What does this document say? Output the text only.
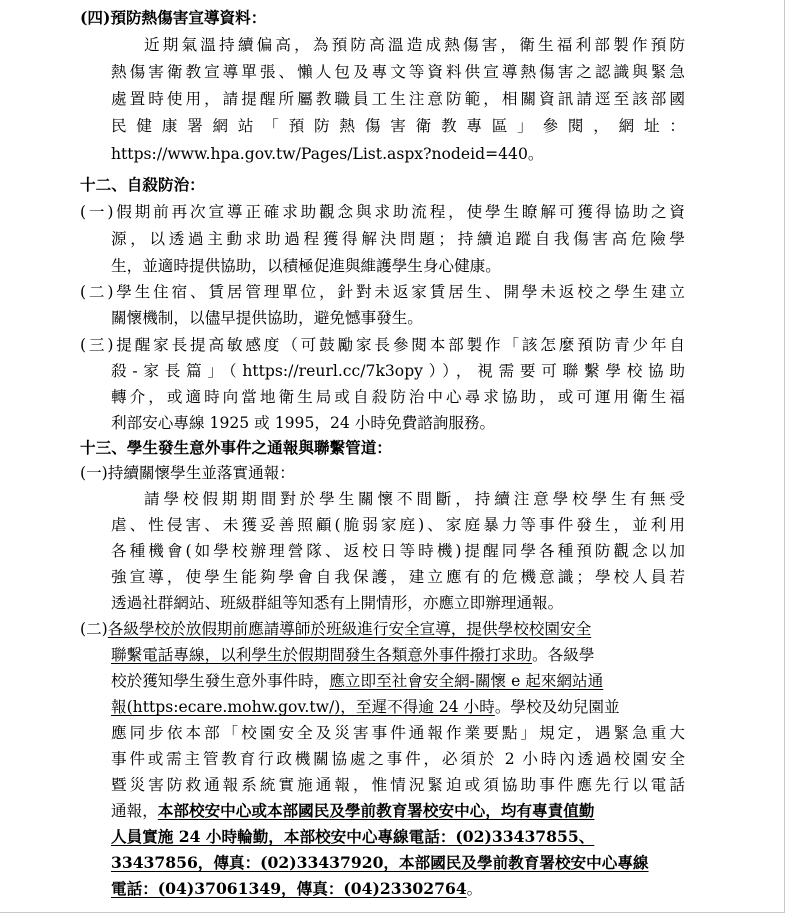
(四)預防熱傷害宣導資料：
近期氣溫持續偏高，為預防高溫造成熱傷害，衛生福利部製作預防
熱傷害衛教宣導單張、懶人包及專文等資料供宣導熱傷害之認識與緊急
處置時使用，請提醒所屬教職員工生注意防範，相關資訊請逕至該部國
民健康署網站「預防熱傷害衛教專區」參閱，網址：
https://www.hpa.gov.tw/Pages/List.aspx?nodeid=440。
十二、自殺防治：
(一)假期前再次宣導正確求助觀念與求助流程，使學生瞭解可獲得協助之資
源，以透過主動求助過程獲得解決問題；持續追蹤自我傷害高危險學
生，並適時提供協助，以積極促進與維護學生身心健康。
(二)學生住宿、賃居管理單位，針對未返家賃居生、開學未返校之學生建立
關懷機制，以儘早提供協助，避免憾事發生。
(三)提醒家長提高敏感度（可鼓勵家長參閱本部製作「該怎麼預防青少年自
殺-家長篇」（https://reurl.cc/7k3opy）），視需要可聯繫學校協助
轉介，或適時向當地衛生局或自殺防治中心尋求協助，或可運用衛生福
利部安心專線 1925 或 1995，24 小時免費諮詢服務。
十三、學生發生意外事件之通報與聯繫管道：
(一)持續關懷學生並落實通報：
請學校假期期間對於學生關懷不間斷，持續注意學校學生有無受
虐、性侵害、未獲妥善照顧(脆弱家庭)、家庭暴力等事件發生，並利用
各種機會(如學校辦理營隊、返校日等時機)提醒同學各種預防觀念以加
強宣導，使學生能夠學會自我保護，建立應有的危機意識；學校人員若
透過社群網站、班級群組等知悉有上開情形，亦應立即辦理通報。
(二)各級學校於放假期前應請導師於班級進行安全宣導，提供學校校園安全
聯繫電話專線，以利學生於假期間發生各類意外事件撥打求助。各級學
校於獲知學生發生意外事件時，應立即至社會安全網-關懷 e 起來網站通
報(https:ecare.mohw.gov.tw/)，至遲不得逾 24 小時。學校及幼兒園並
應同步依本部「校園安全及災害事件通報作業要點」規定，遇緊急重大
事件或需主管教育行政機關協處之事件，必須於 2 小時內透過校園安全
暨災害防救通報系統實施通報，惟情況緊迫或須協助事件應先行以電話
通報，本部校安中心或本部國民及學前教育署校安中心，均有專責值勤
人員實施 24 小時輪勤，本部校安中心專線電話：(02)33437855、
33437856，傳真：(02)33437920，本部國民及學前教育署校安中心專線
電話：(04)37061349，傳真：(04)23302764。
